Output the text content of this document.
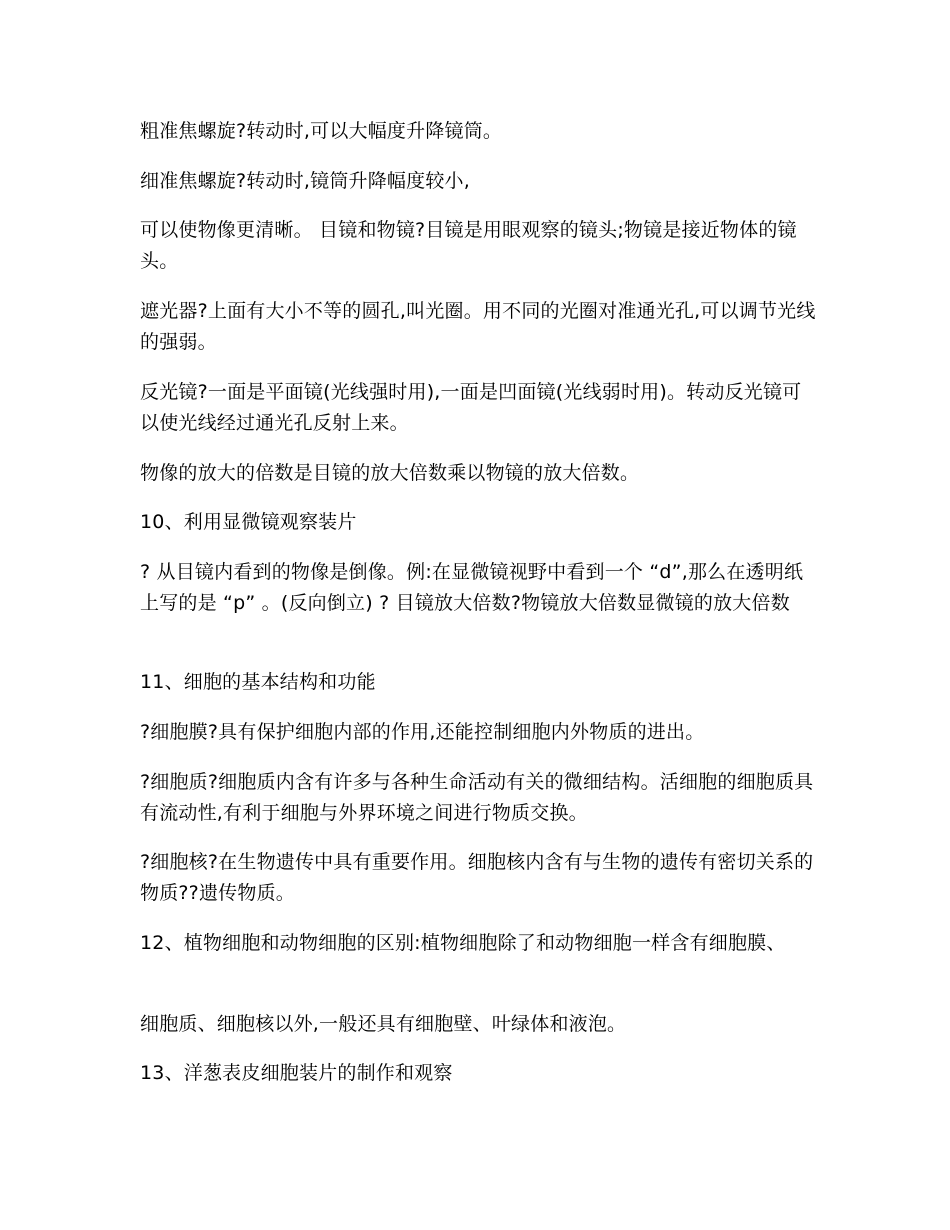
粗准焦螺旋?转动时,可以大幅度升降镜筒。

细准焦螺旋?转动时,镜筒升降幅度较小,

可以使物像更清晰。 目镜和物镜?目镜是用眼观察的镜头;物镜是接近物体的镜头。

遮光器?上面有大小不等的圆孔,叫光圈。用不同的光圈对准通光孔,可以调节光线的强弱。

反光镜?一面是平面镜(光线强时用),一面是凹面镜(光线弱时用)。转动反光镜可以使光线经过通光孔反射上来。

物像的放大的倍数是目镜的放大倍数乘以物镜的放大倍数。

10、利用显微镜观察装片

? 从目镜内看到的物像是倒像。例:在显微镜视野中看到一个 “d”,那么在透明纸上写的是 “p” 。(反向倒立) ? 目镜放大倍数?物镜放大倍数显微镜的放大倍数

11、细胞的基本结构和功能

?细胞膜?具有保护细胞内部的作用,还能控制细胞内外物质的进出。

?细胞质?细胞质内含有许多与各种生命活动有关的微细结构。活细胞的细胞质具有流动性,有利于细胞与外界环境之间进行物质交换。

?细胞核?在生物遗传中具有重要作用。细胞核内含有与生物的遗传有密切关系的物质??遗传物质。

12、植物细胞和动物细胞的区别:植物细胞除了和动物细胞一样含有细胞膜、

细胞质、细胞核以外,一般还具有细胞壁、叶绿体和液泡。

13、洋葱表皮细胞装片的制作和观察
